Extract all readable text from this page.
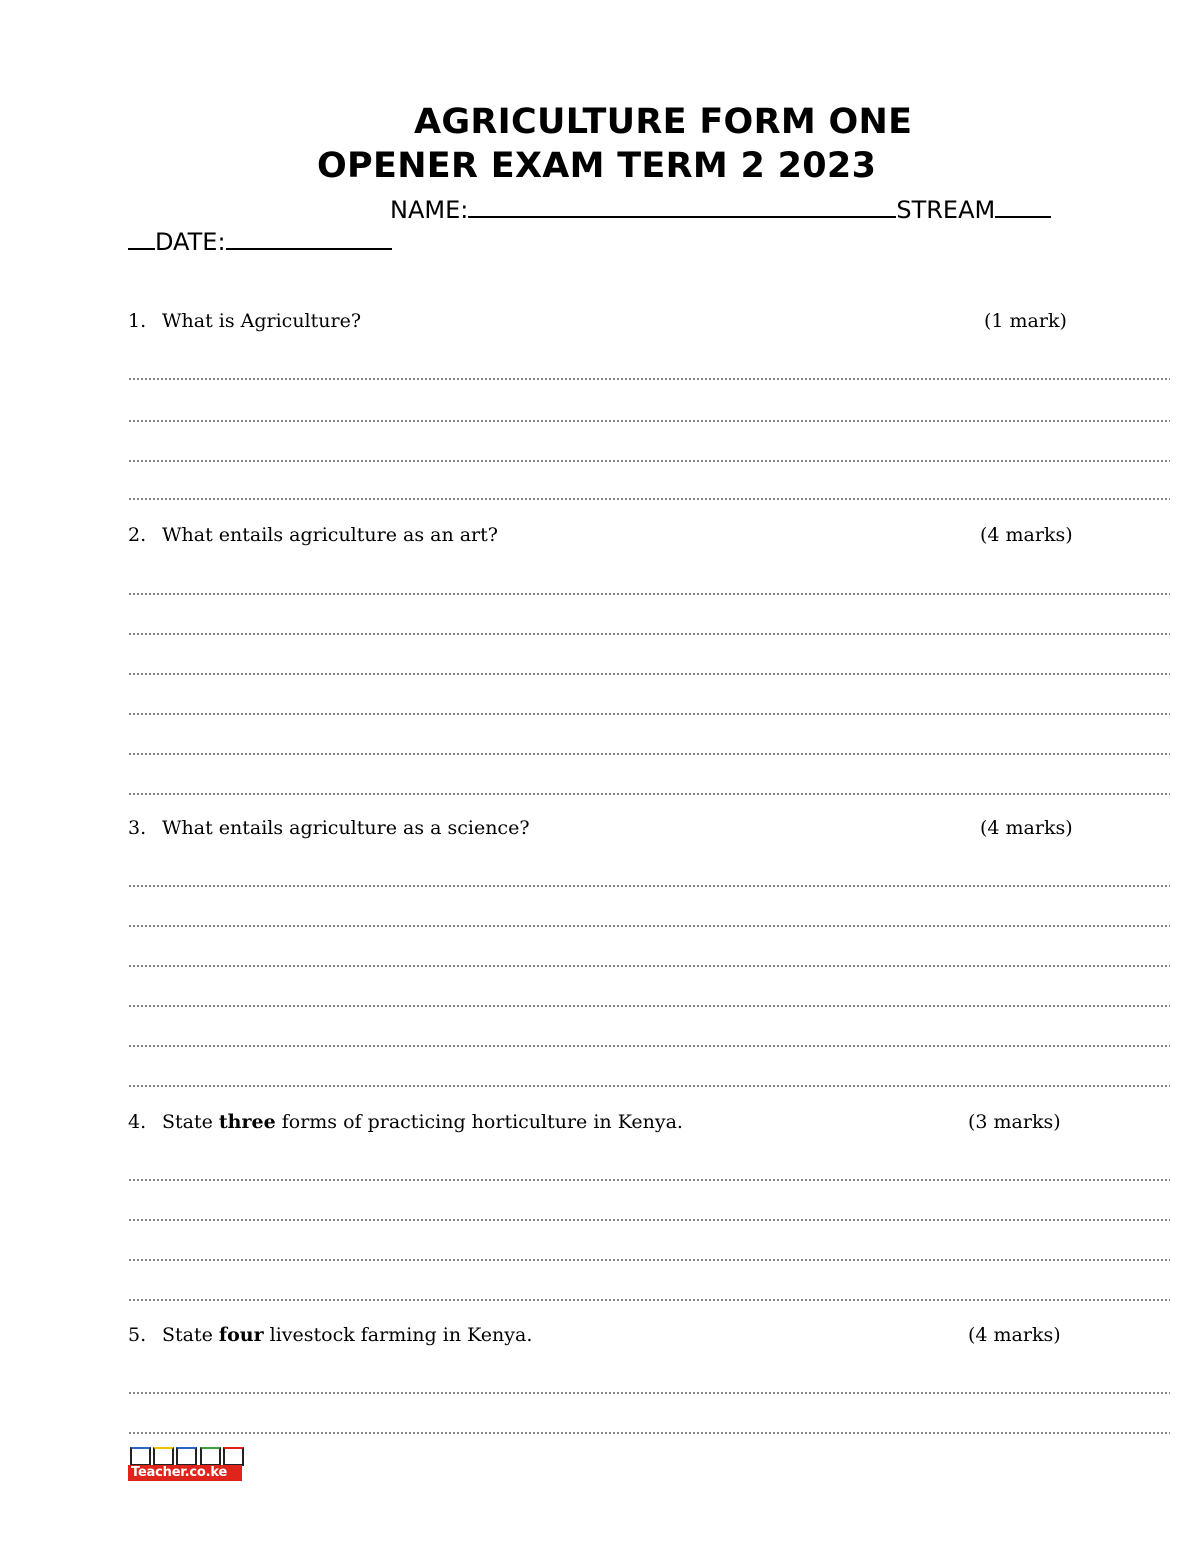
AGRICULTURE FORM ONE
OPENER EXAM TERM 2 2023
NAME:	STREAM
DATE:
1. What is Agriculture?	(1 mark)
2. What entails agriculture as an art?	(4 marks)
3. What entails agriculture as a science?	(4 marks)
4. State three forms of practicing horticulture in Kenya.	(3 marks)
5. State four livestock farming in Kenya.	(4 marks)
Teacher.co.ke
